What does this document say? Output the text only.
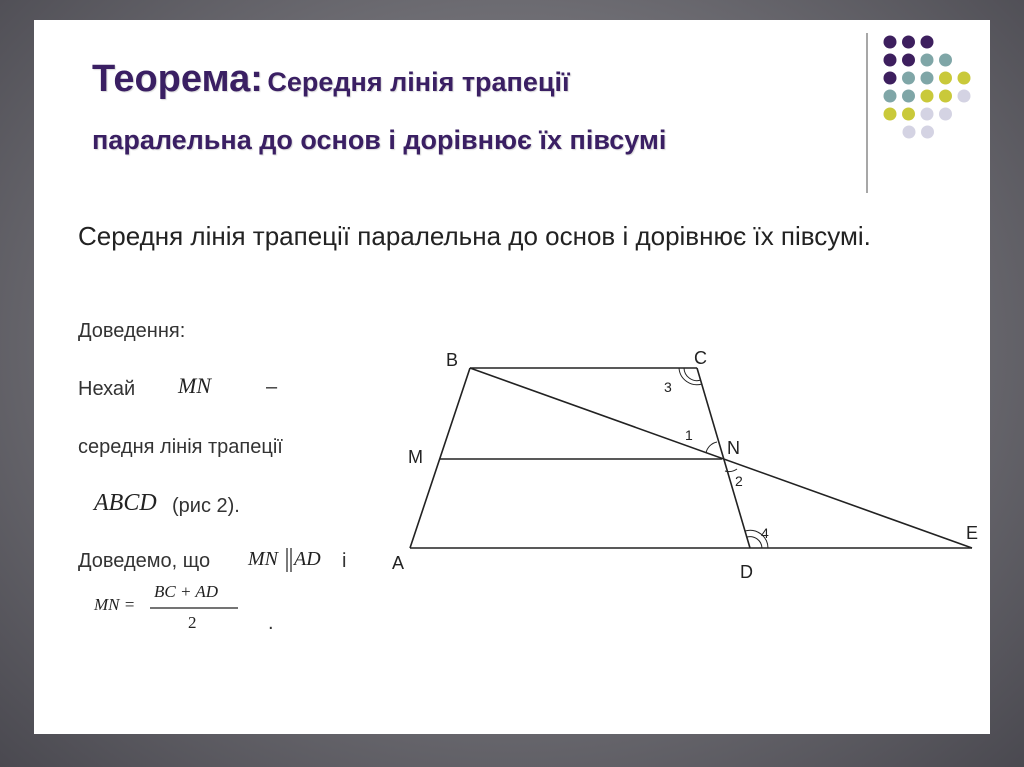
Теорема: Середня лінія трапеції
паралельна до основ і дорівнює їх півсумі
Середня лінія трапеції паралельна до основ і дорівнює їх півсумі.
Доведення:
Нехай MN	–
середня лінія трапеції
ABCD (рис 2).
Доведемо, що MN AD і
MN =
BC + AD
2	.
B	C
M	N
A	D
E
3
1
2
4
